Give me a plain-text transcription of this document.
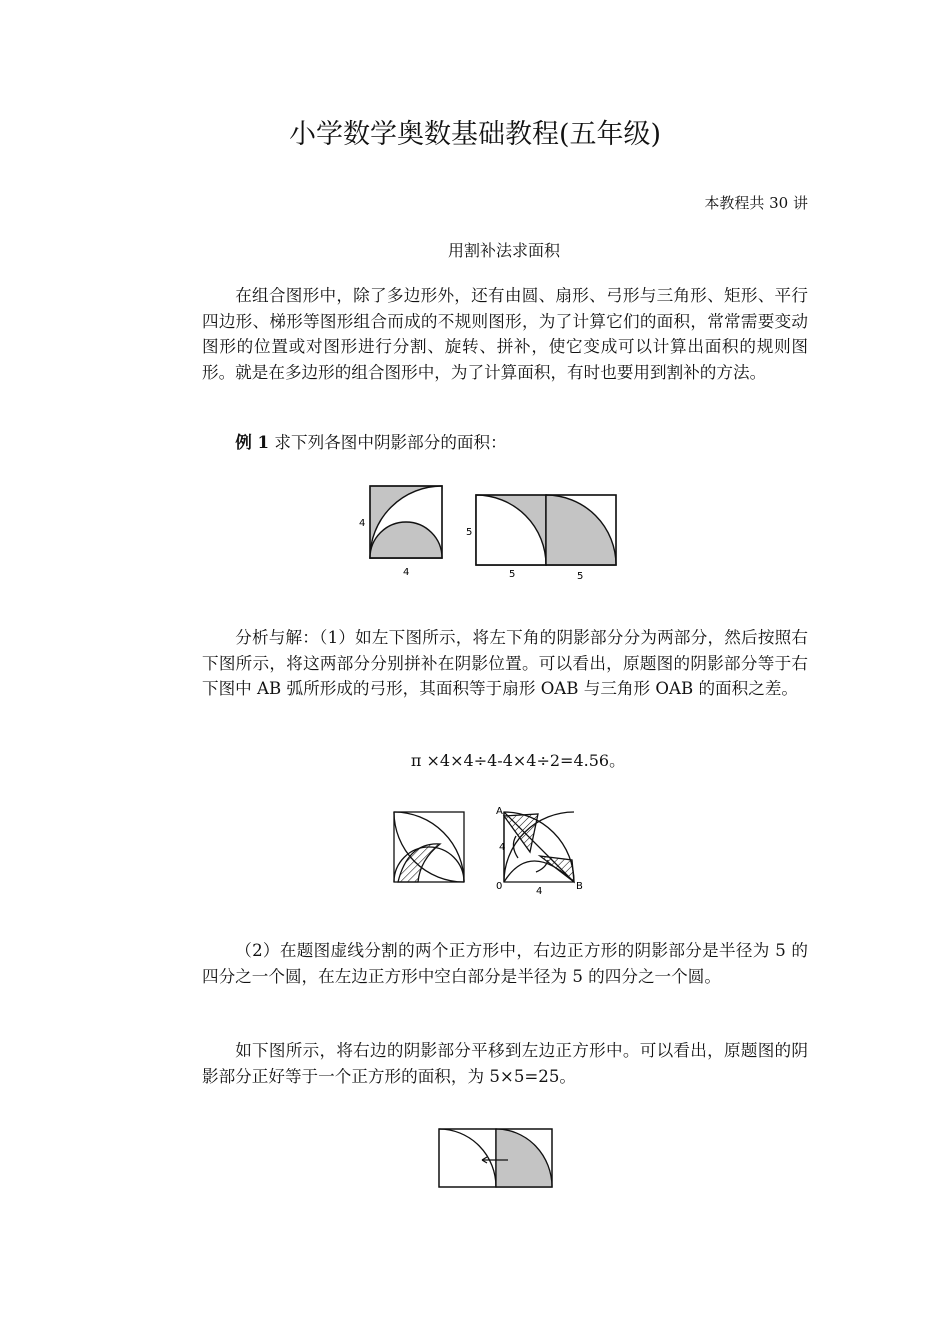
小学数学奥数基础教程(五年级)
本教程共 30 讲
用割补法求面积
在组合图形中，除了多边形外，还有由圆、扇形、弓形与三角形、矩形、平行四边形、梯形等图形组合而成的不规则图形，为了计算它们的面积，常常需要变动图形的位置或对图形进行分割、旋转、拼补，使它变成可以计算出面积的规则图形。就是在多边形的组合图形中，为了计算面积，有时也要用到割补的方法。
例 1 求下列各图中阴影部分的面积：
4
4
5
5	5
分析与解：（1）如左下图所示，将左下角的阴影部分分为两部分，然后按照右下图所示，将这两部分分别拼补在阴影位置。可以看出，原题图的阴影部分等于右下图中 AB 弧所形成的弓形，其面积等于扇形 OAB 与三角形 OAB 的面积之差。
π ×4×4÷4-4×4÷2=4.56。
A
4
0	4	B
（2）在题图虚线分割的两个正方形中，右边正方形的阴影部分是半径为 5 的四分之一个圆，在左边正方形中空白部分是半径为 5 的四分之一个圆。
如下图所示，将右边的阴影部分平移到左边正方形中。可以看出，原题图的阴影部分正好等于一个正方形的面积，为 5×5=25。
